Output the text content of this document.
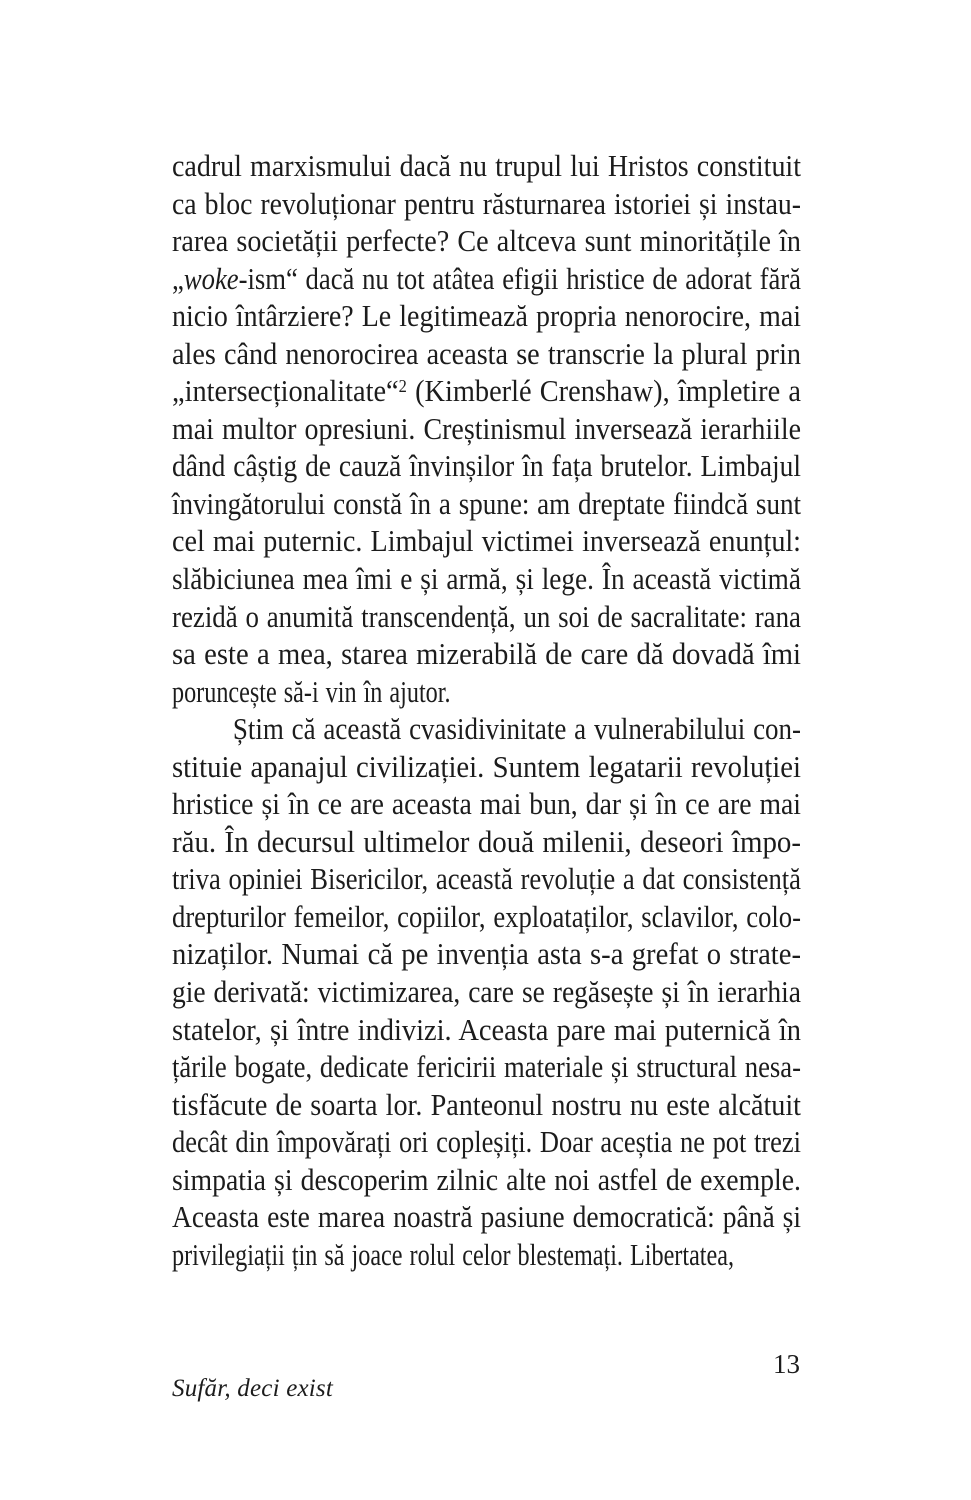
cadrul marxismului dacă nu trupul lui Hristos constituit
ca bloc revoluționar pentru răsturnarea istoriei și instau-
rarea societății perfecte? Ce altceva sunt minoritățile în
„woke-ism“ dacă nu tot atâtea efigii hristice de adorat fără
nicio întârziere? Le legitimează propria nenorocire, mai
ales când nenorocirea aceasta se transcrie la plural prin
„intersecționalitate“$^2$ (Kimberlé Crenshaw), împletire a
mai multor opresiuni. Creștinismul inversează ierarhiile
dând câștig de cauză învinșilor în fața brutelor. Limbajul
învingătorului constă în a spune: am dreptate fiindcă sunt
cel mai puternic. Limbajul victimei inversează enunțul:
slăbiciunea mea îmi e și armă, și lege. În această victimă
rezidă o anumită transcendență, un soi de sacralitate: rana
sa este a mea, starea mizerabilă de care dă dovadă îmi
poruncește să-i vin în ajutor.
Știm că această cvasidivinitate a vulnerabilului con-
stituie apanajul civilizației. Suntem legatarii revoluției
hristice și în ce are aceasta mai bun, dar și în ce are mai
rău. În decursul ultimelor două milenii, deseori împo-
triva opiniei Bisericilor, această revoluție a dat consistență
drepturilor femeilor, copiilor, exploataților, sclavilor, colo-
nizaților. Numai că pe invenția asta s-a grefat o strate-
gie derivată: victimizarea, care se regăsește și în ierarhia
statelor, și între indivizi. Aceasta pare mai puternică în
țările bogate, dedicate fericirii materiale și structural nesa-
tisfăcute de soarta lor. Panteonul nostru nu este alcătuit
decât din împovărați ori copleșiți. Doar aceștia ne pot trezi
simpatia și descoperim zilnic alte noi astfel de exemple.
Aceasta este marea noastră pasiune democratică: până și
privilegiații țin să joace rolul celor blestemați. Libertatea,
Sufăr, deci exist
13
